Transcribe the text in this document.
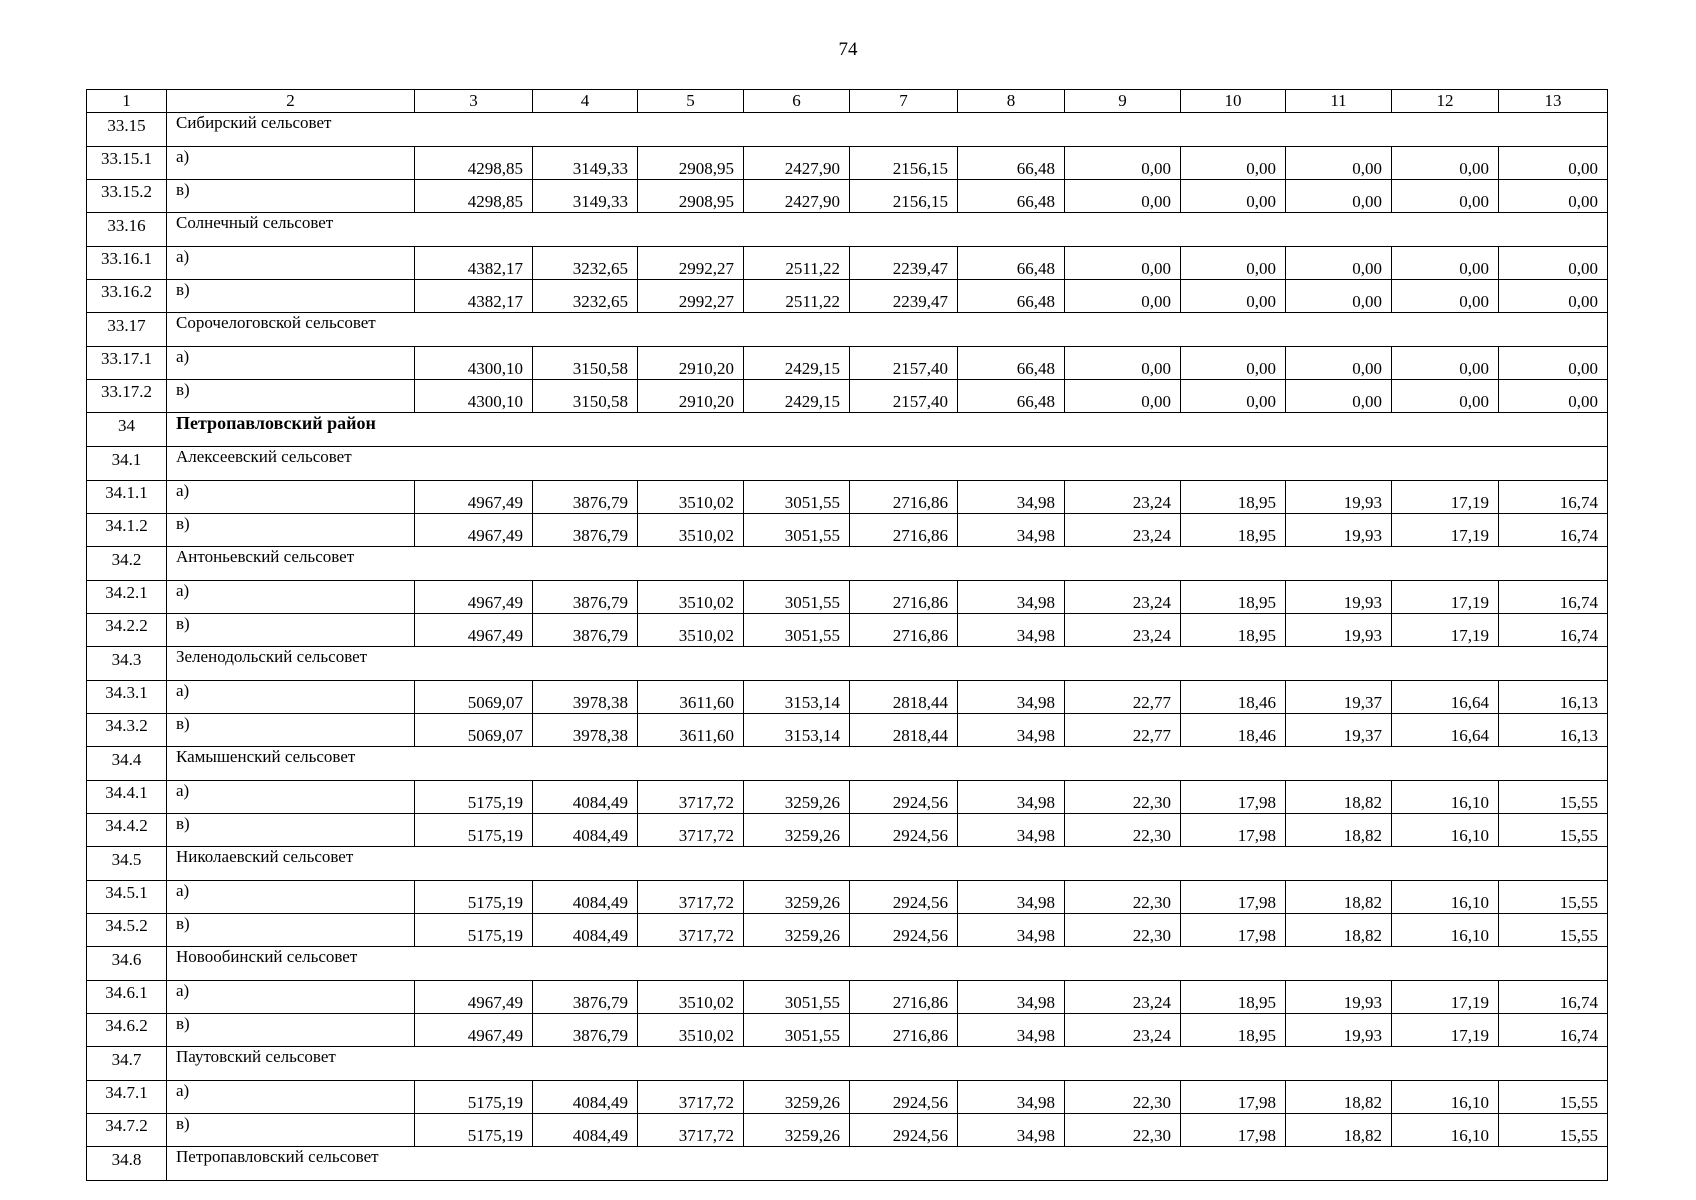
74
1	2	3	4	5	6	7	8	9	10	11	12	13
33.15	Сибирский сельсовет											
33.15.1	а)	4298,85	3149,33	2908,95	2427,90	2156,15	66,48	0,00	0,00	0,00	0,00	0,00
33.15.2	в)	4298,85	3149,33	2908,95	2427,90	2156,15	66,48	0,00	0,00	0,00	0,00	0,00
33.16	Солнечный сельсовет											
33.16.1	а)	4382,17	3232,65	2992,27	2511,22	2239,47	66,48	0,00	0,00	0,00	0,00	0,00
33.16.2	в)	4382,17	3232,65	2992,27	2511,22	2239,47	66,48	0,00	0,00	0,00	0,00	0,00
33.17	Сорочелоговской сельсовет											
33.17.1	а)	4300,10	3150,58	2910,20	2429,15	2157,40	66,48	0,00	0,00	0,00	0,00	0,00
33.17.2	в)	4300,10	3150,58	2910,20	2429,15	2157,40	66,48	0,00	0,00	0,00	0,00	0,00
34	Петропавловский район											
34.1	Алексеевский сельсовет											
34.1.1	а)	4967,49	3876,79	3510,02	3051,55	2716,86	34,98	23,24	18,95	19,93	17,19	16,74
34.1.2	в)	4967,49	3876,79	3510,02	3051,55	2716,86	34,98	23,24	18,95	19,93	17,19	16,74
34.2	Антоньевский сельсовет											
34.2.1	а)	4967,49	3876,79	3510,02	3051,55	2716,86	34,98	23,24	18,95	19,93	17,19	16,74
34.2.2	в)	4967,49	3876,79	3510,02	3051,55	2716,86	34,98	23,24	18,95	19,93	17,19	16,74
34.3	Зеленодольский сельсовет											
34.3.1	а)	5069,07	3978,38	3611,60	3153,14	2818,44	34,98	22,77	18,46	19,37	16,64	16,13
34.3.2	в)	5069,07	3978,38	3611,60	3153,14	2818,44	34,98	22,77	18,46	19,37	16,64	16,13
34.4	Камышенский сельсовет											
34.4.1	а)	5175,19	4084,49	3717,72	3259,26	2924,56	34,98	22,30	17,98	18,82	16,10	15,55
34.4.2	в)	5175,19	4084,49	3717,72	3259,26	2924,56	34,98	22,30	17,98	18,82	16,10	15,55
34.5	Николаевский сельсовет											
34.5.1	а)	5175,19	4084,49	3717,72	3259,26	2924,56	34,98	22,30	17,98	18,82	16,10	15,55
34.5.2	в)	5175,19	4084,49	3717,72	3259,26	2924,56	34,98	22,30	17,98	18,82	16,10	15,55
34.6	Новообинский сельсовет											
34.6.1	а)	4967,49	3876,79	3510,02	3051,55	2716,86	34,98	23,24	18,95	19,93	17,19	16,74
34.6.2	в)	4967,49	3876,79	3510,02	3051,55	2716,86	34,98	23,24	18,95	19,93	17,19	16,74
34.7	Паутовский сельсовет											
34.7.1	а)	5175,19	4084,49	3717,72	3259,26	2924,56	34,98	22,30	17,98	18,82	16,10	15,55
34.7.2	в)	5175,19	4084,49	3717,72	3259,26	2924,56	34,98	22,30	17,98	18,82	16,10	15,55
34.8	Петропавловский сельсовет											
